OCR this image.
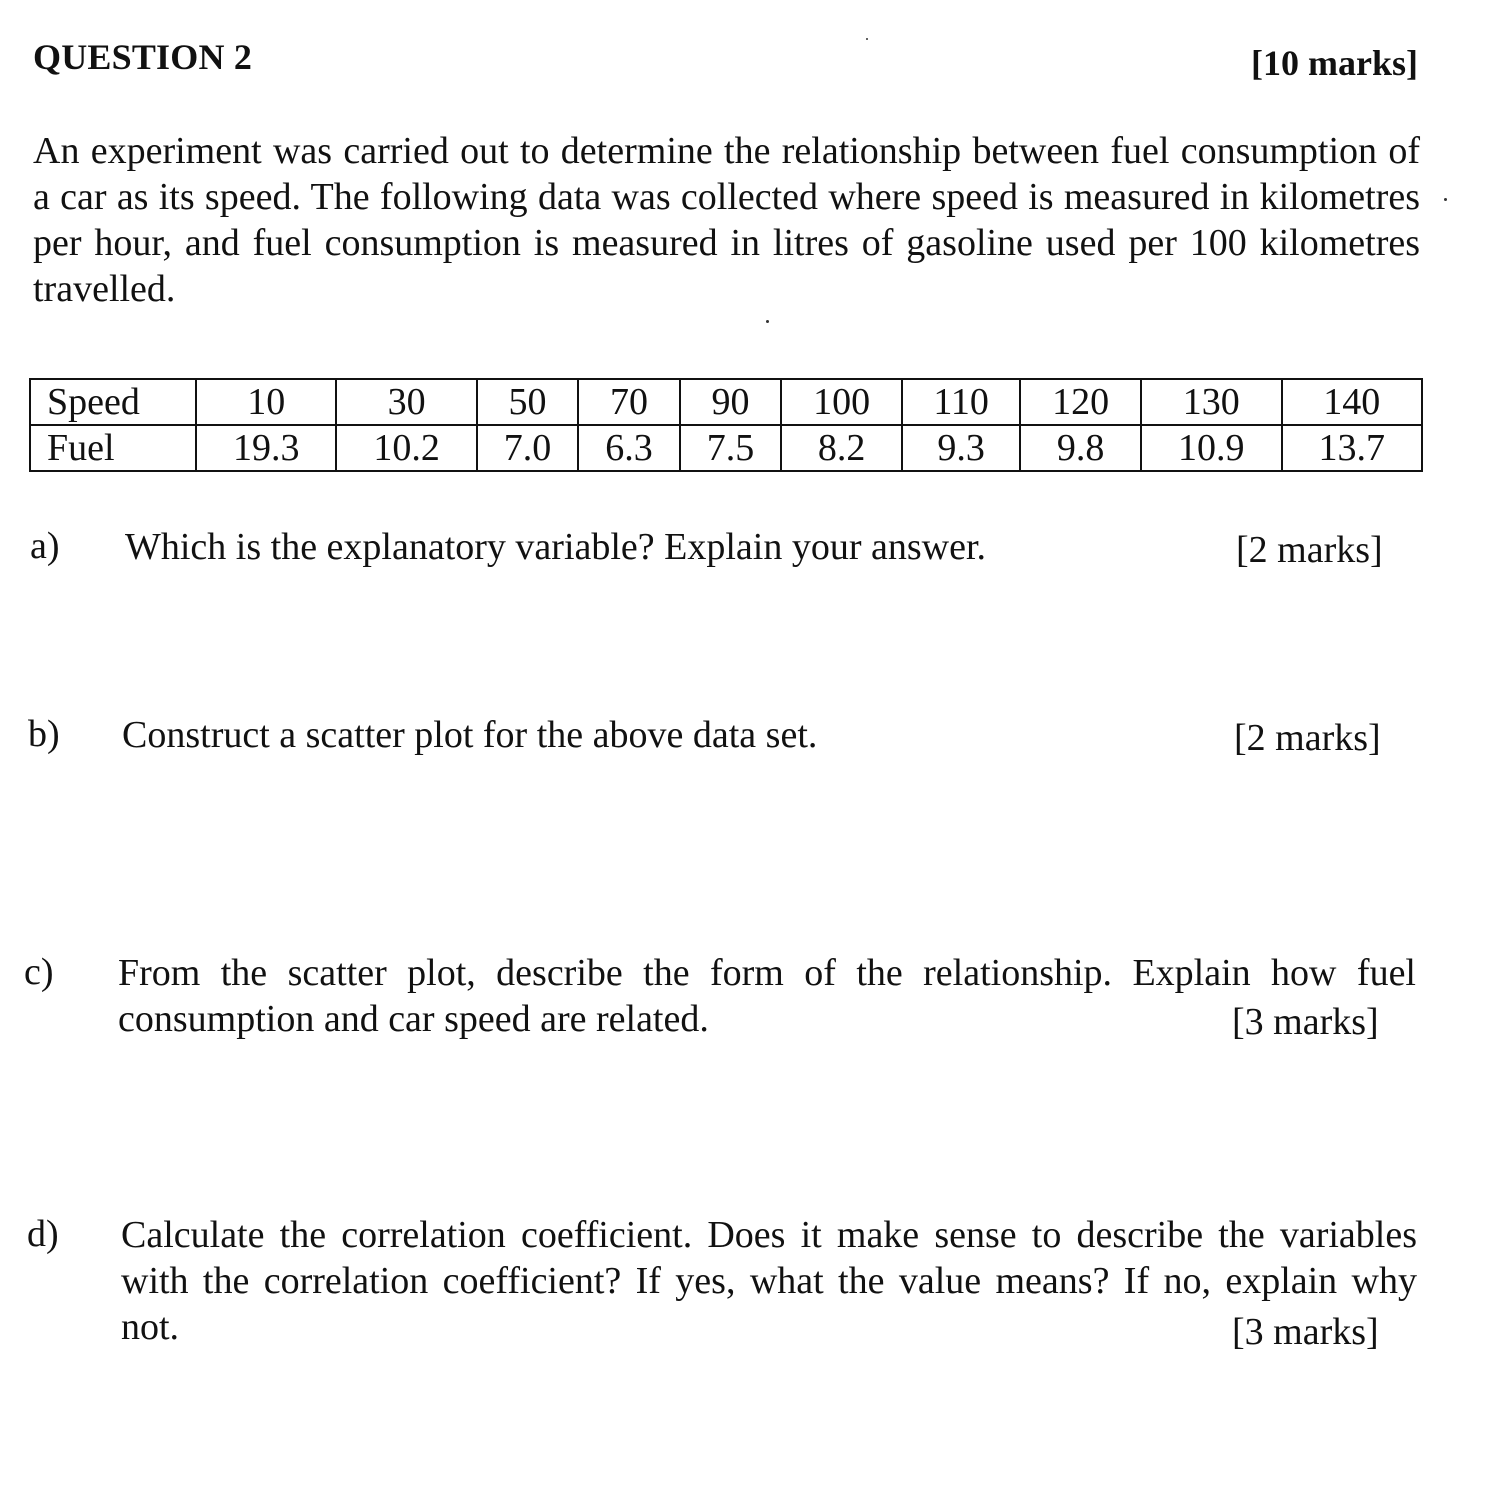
QUESTION 2	[10 marks]

An experiment was carried out to determine the relationship between fuel consumption of a car as its speed. The following data was collected where speed is measured in kilometres per hour, and fuel consumption is measured in litres of gasoline used per 100 kilometres travelled.

Speed	10	30	50	70	90	100	110	120	130	140
Fuel	19.3	10.2	7.0	6.3	7.5	8.2	9.3	9.8	10.9	13.7
a) Which is the explanatory variable? Explain your answer.	[2 marks]
b) Construct a scatter plot for the above data set.	[2 marks]
c) From the scatter plot, describe the form of the relationship. Explain how fuel consumption and car speed are related.	[3 marks]
d) Calculate the correlation coefficient. Does it make sense to describe the variables with the correlation coefficient? If yes, what the value means? If no, explain why not.	[3 marks]
